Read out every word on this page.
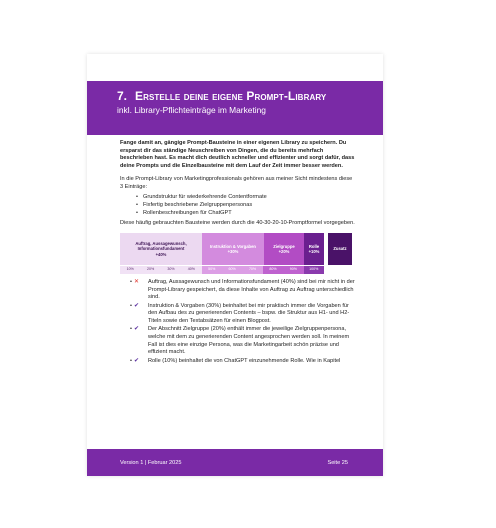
7. Erstelle deine eigene Prompt-Library
inkl. Library-Pflichteinträge im Marketing

Fange damit an, gängige Prompt-Bausteine in einer eigenen Library zu speichern. Du ersparst dir das ständige Neuschreiben von Dingen, die du bereits mehrfach beschrieben hast. Es macht dich deutlich schneller und effizienter und sorgt dafür, dass deine Prompts und die Einzelbausteine mit dem Lauf der Zeit immer besser werden.

In die Prompt-Library von Marketingprofessionals gehören aus meiner Sicht mindestens diese 3 Einträge:

• Grundstruktur für wiederkehrende Contentformate
• Fixfertig beschriebene Zielgruppenpersonas
• Rollenbeschreibungen für ChatGPT

Diese häufig gebrauchten Bausteine werden durch die 40-30-20-10-Promptformel vorgegeben.

Auftrag, Aussagewunsch, Informationsfundament
+40%
Instruktion & Vorgaben
+30%
Zielgruppe
+20%
Rolle
+10%
Zusatz
10%	20%	30%	40%	50%	60%	70%	80%	90%	100%
• ✕	Auftrag, Aussagewunsch und Informationsfundament (40%) sind bei mir nicht in der Prompt-Library gespeichert, da diese Inhalte von Auftrag zu Auftrag unterschiedlich sind.
• ✔	Instruktion & Vorgaben (30%) beinhaltet bei mir praktisch immer die Vorgaben für den Aufbau des zu generierenden Contents – bspw. die Struktur aus H1- und H2-Titeln sowie den Textabsätzen für einen Blogpost.
• ✔	Der Abschnitt Zielgruppe (20%) enthält immer die jeweilige Zielgruppenpersona, welche mit dem zu generierenden Content angesprochen werden soll. In meinem Fall ist dies eine einzige Persona, was die Marketingarbeit schön präzise und effizient macht.
• ✔	Rolle (10%) beinhaltet die von ChatGPT einzunehmende Rolle. Wie in Kapitel
Version 1 | Februar 2025	Seite 25
